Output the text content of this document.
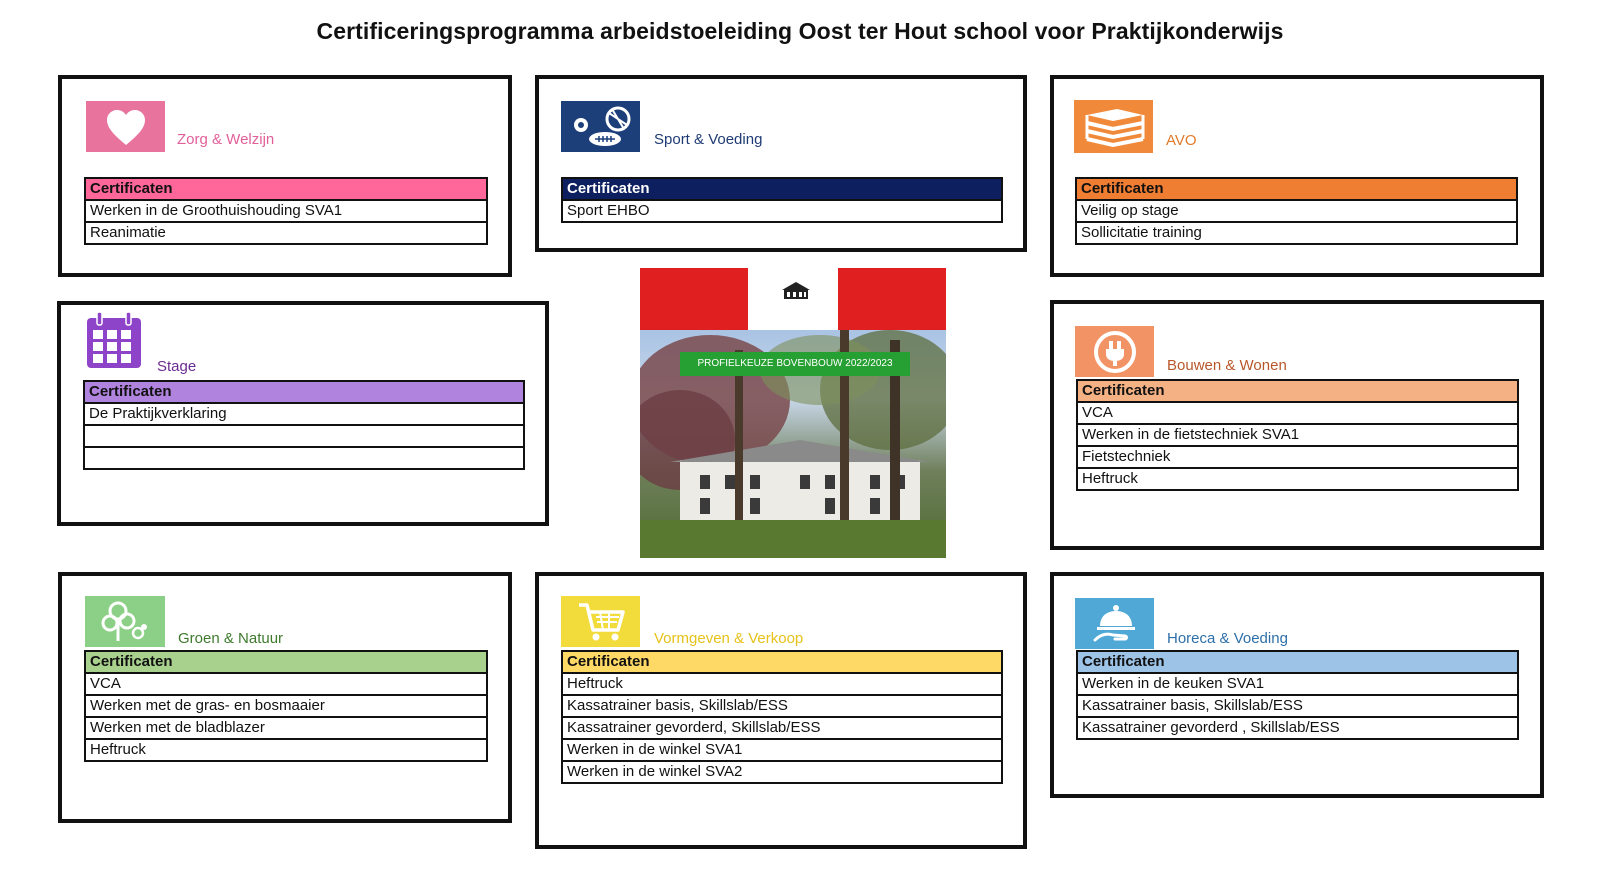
Certificeringsprogramma arbeidstoeleiding Oost ter Hout school voor Praktijkonderwijs
Zorg & Welzijn
Certificaten
Werken in de Groothuishouding SVA1
Reanimatie
Sport & Voeding
Certificaten
Sport EHBO
AVO
Certificaten
Veilig op stage
Sollicitatie training
Stage
Certificaten
De Praktijkverklaring

PROFIELKEUZE BOVENBOUW 2022/2023	Bouwen & Wonen
Certificaten
VCA
Werken in de fietstechniek SVA1
Fietstechniek
Heftruck
Groen & Natuur
Certificaten
VCA
Werken met de gras- en bosmaaier
Werken met de bladblazer
Heftruck
Vormgeven & Verkoop
Certificaten
Heftruck
Kassatrainer basis, Skillslab/ESS
Kassatrainer gevorderd, Skillslab/ESS
Werken in de winkel SVA1
Werken in de winkel SVA2
Horeca & Voeding
Certificaten
Werken in de keuken SVA1
Kassatrainer basis, Skillslab/ESS
Kassatrainer gevorderd , Skillslab/ESS
